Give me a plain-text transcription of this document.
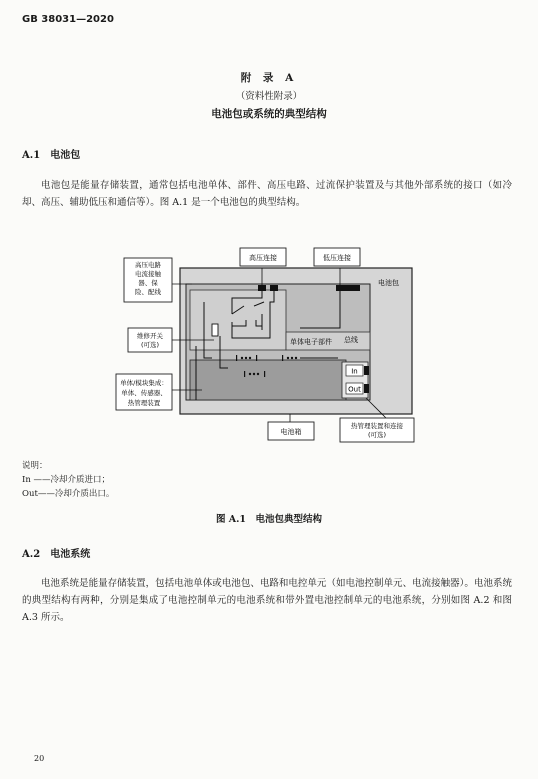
GB 38031—2020
附 录 A
（资料性附录）
电池包或系统的典型结构
A.1　电池包
电池包是能量存储装置，通常包括电池单体、部件、高压电路、过流保护装置及与其他外部系统的接口（如冷却、高压、辅助低压和通信等）。图 A.1 是一个电池包的典型结构。
In
Out
高压电路
电流接触
器、保
险、配线
高压连接	低压连接
电池包
维修开关
(可选)	单体电子部件 总线
单体/模块集成：
单体、传感器、
热管理装置
电池箱
热管理装置和连接
(可选)
说明：
In ——冷却介质进口；
Out——冷却介质出口。
图 A.1　电池包典型结构
A.2　电池系统
电池系统是能量存储装置，包括电池单体或电池包、电路和电控单元（如电池控制单元、电流接触器）。电池系统的典型结构有两种，分别是集成了电池控制单元的电池系统和带外置电池控制单元的电池系统，分别如图 A.2 和图 A.3 所示。
20
